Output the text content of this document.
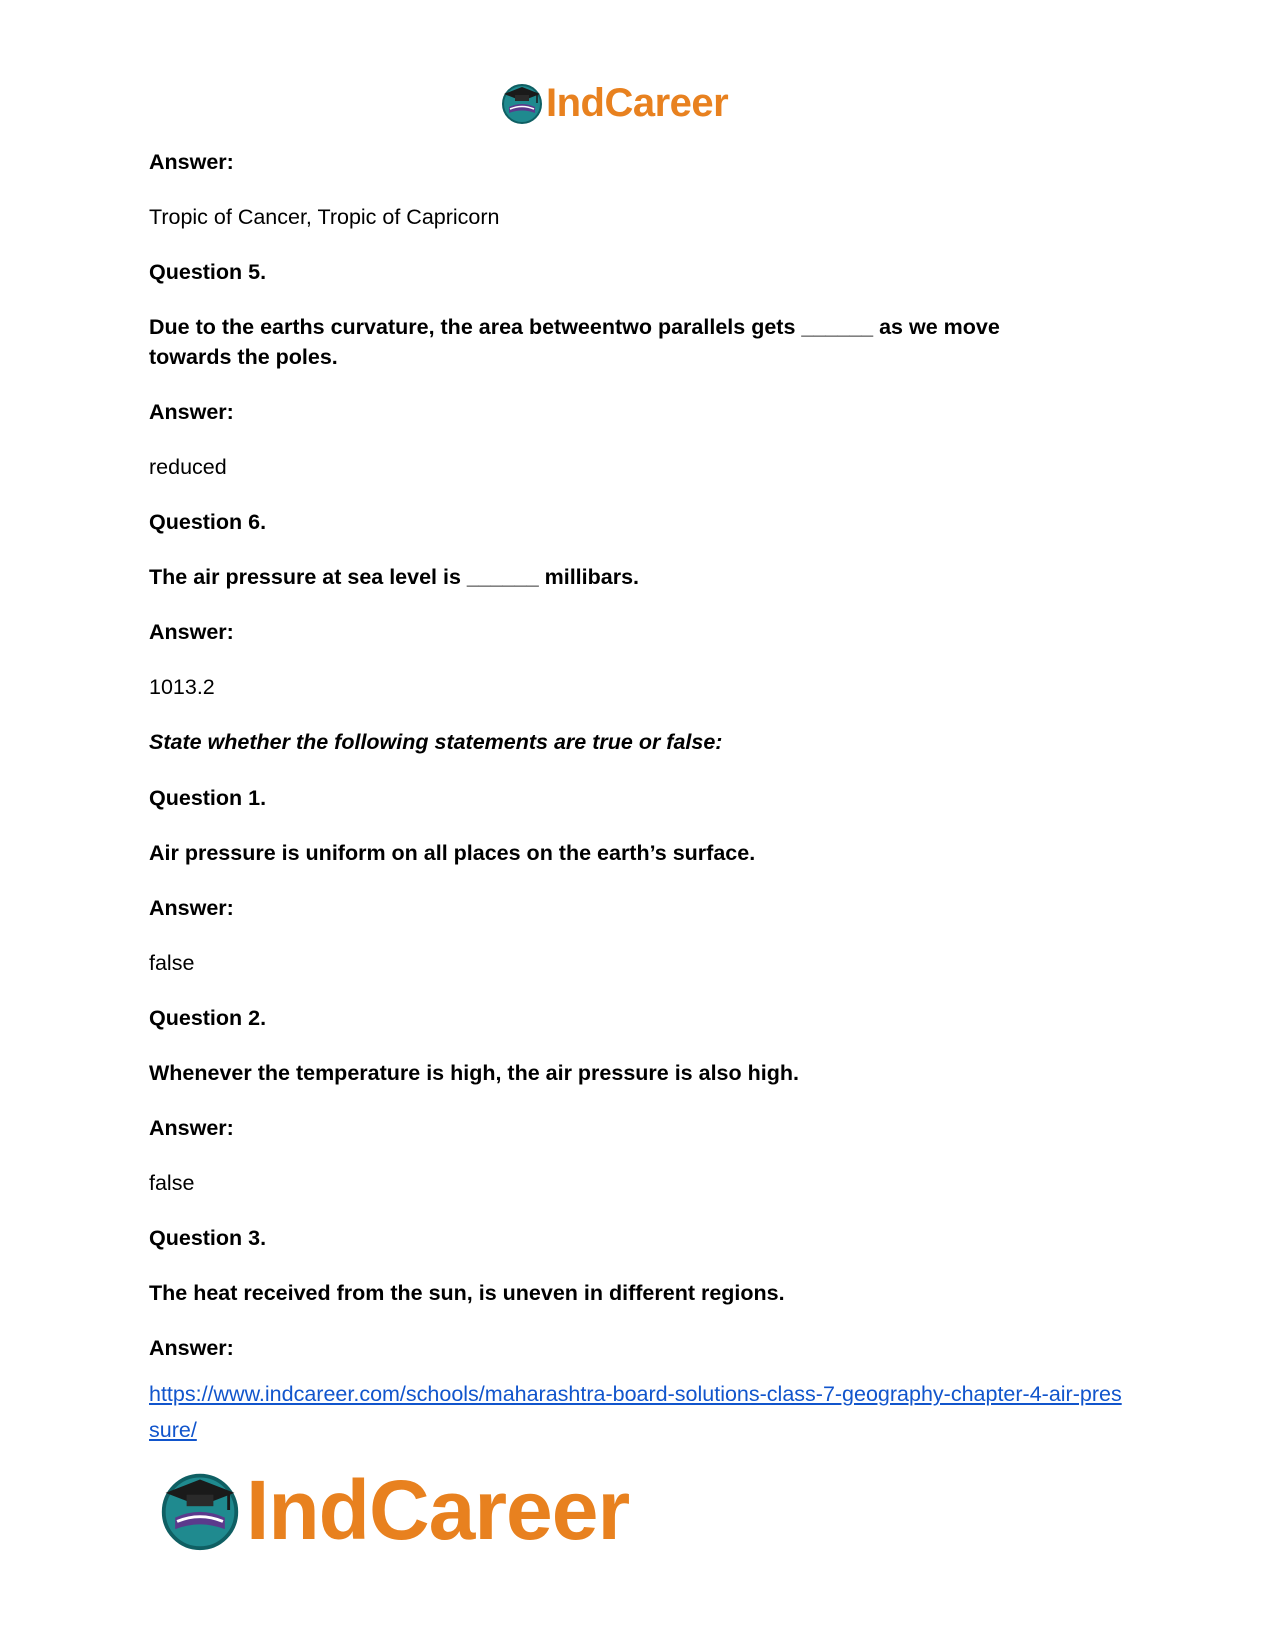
IndCareer
Answer:
Tropic of Cancer, Tropic of Capricorn
Question 5.
Due to the earths curvature, the area betweentwo parallels gets ______ as we move towards the poles.
Answer:
reduced
Question 6.
The air pressure at sea level is ______ millibars.
Answer:
1013.2
State whether the following statements are true or false:
Question 1.
Air pressure is uniform on all places on the earth’s surface.
Answer:
false
Question 2.
Whenever the temperature is high, the air pressure is also high.
Answer:
false
Question 3.
The heat received from the sun, is uneven in different regions.
Answer:
https://www.indcareer.com/schools/maharashtra-board-solutions-class-7-geography-chapter-4-air-pressure/
IndCareer
